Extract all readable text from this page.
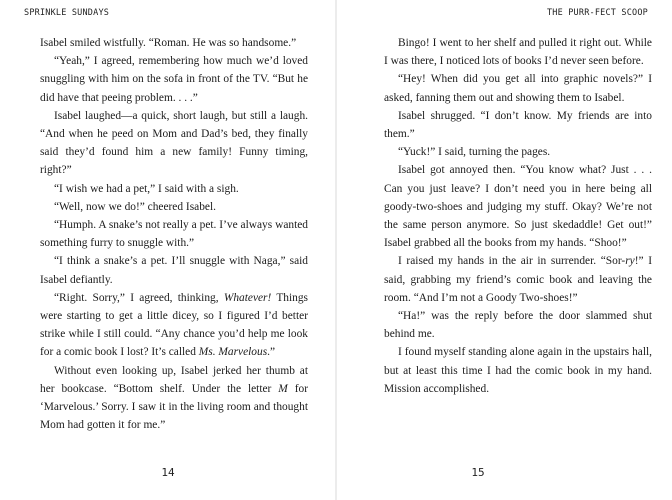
SPRINKLE SUNDAYS

Isabel smiled wistfully. “Roman. He was so handsome.”

“Yeah,” I agreed, remembering how much we’d loved snuggling with him on the sofa in front of the TV. “But he did have that peeing problem. . . .”

Isabel laughed—a quick, short laugh, but still a laugh. “And when he peed on Mom and Dad’s bed, they finally said they’d found him a new family! Funny timing, right?”

“I wish we had a pet,” I said with a sigh.

“Well, now we do!” cheered Isabel.

“Humph. A snake’s not really a pet. I’ve always wanted something furry to snuggle with.”

“I think a snake’s a pet. I’ll snuggle with Naga,” said Isabel defiantly.

“Right. Sorry,” I agreed, thinking, Whatever! Things were starting to get a little dicey, so I figured I’d better strike while I still could. “Any chance you’d help me look for a comic book I lost? It’s called Ms. Marvelous.”

Without even looking up, Isabel jerked her thumb at her bookcase. “Bottom shelf. Under the letter M for ‘Marvelous.’ Sorry. I saw it in the living room and thought Mom had gotten it for me.”

14
THE PURR-FECT SCOOP

Bingo! I went to her shelf and pulled it right out. While I was there, I noticed lots of books I’d never seen before.

“Hey! When did you get all into graphic novels?” I asked, fanning them out and showing them to Isabel.

Isabel shrugged. “I don’t know. My friends are into them.”

“Yuck!” I said, turning the pages.

Isabel got annoyed then. “You know what? Just . . . Can you just leave? I don’t need you in here being all goody-two-shoes and judging my stuff. Okay? We’re not the same person anymore. So just skedaddle! Get out!” Isabel grabbed all the books from my hands. “Shoo!”

I raised my hands in the air in surrender. “Sor-ry!” I said, grabbing my friend’s comic book and leaving the room. “And I’m not a Goody Two-shoes!”

“Ha!” was the reply before the door slammed shut behind me.

I found myself standing alone again in the upstairs hall, but at least this time I had the comic book in my hand. Mission accomplished.

15
